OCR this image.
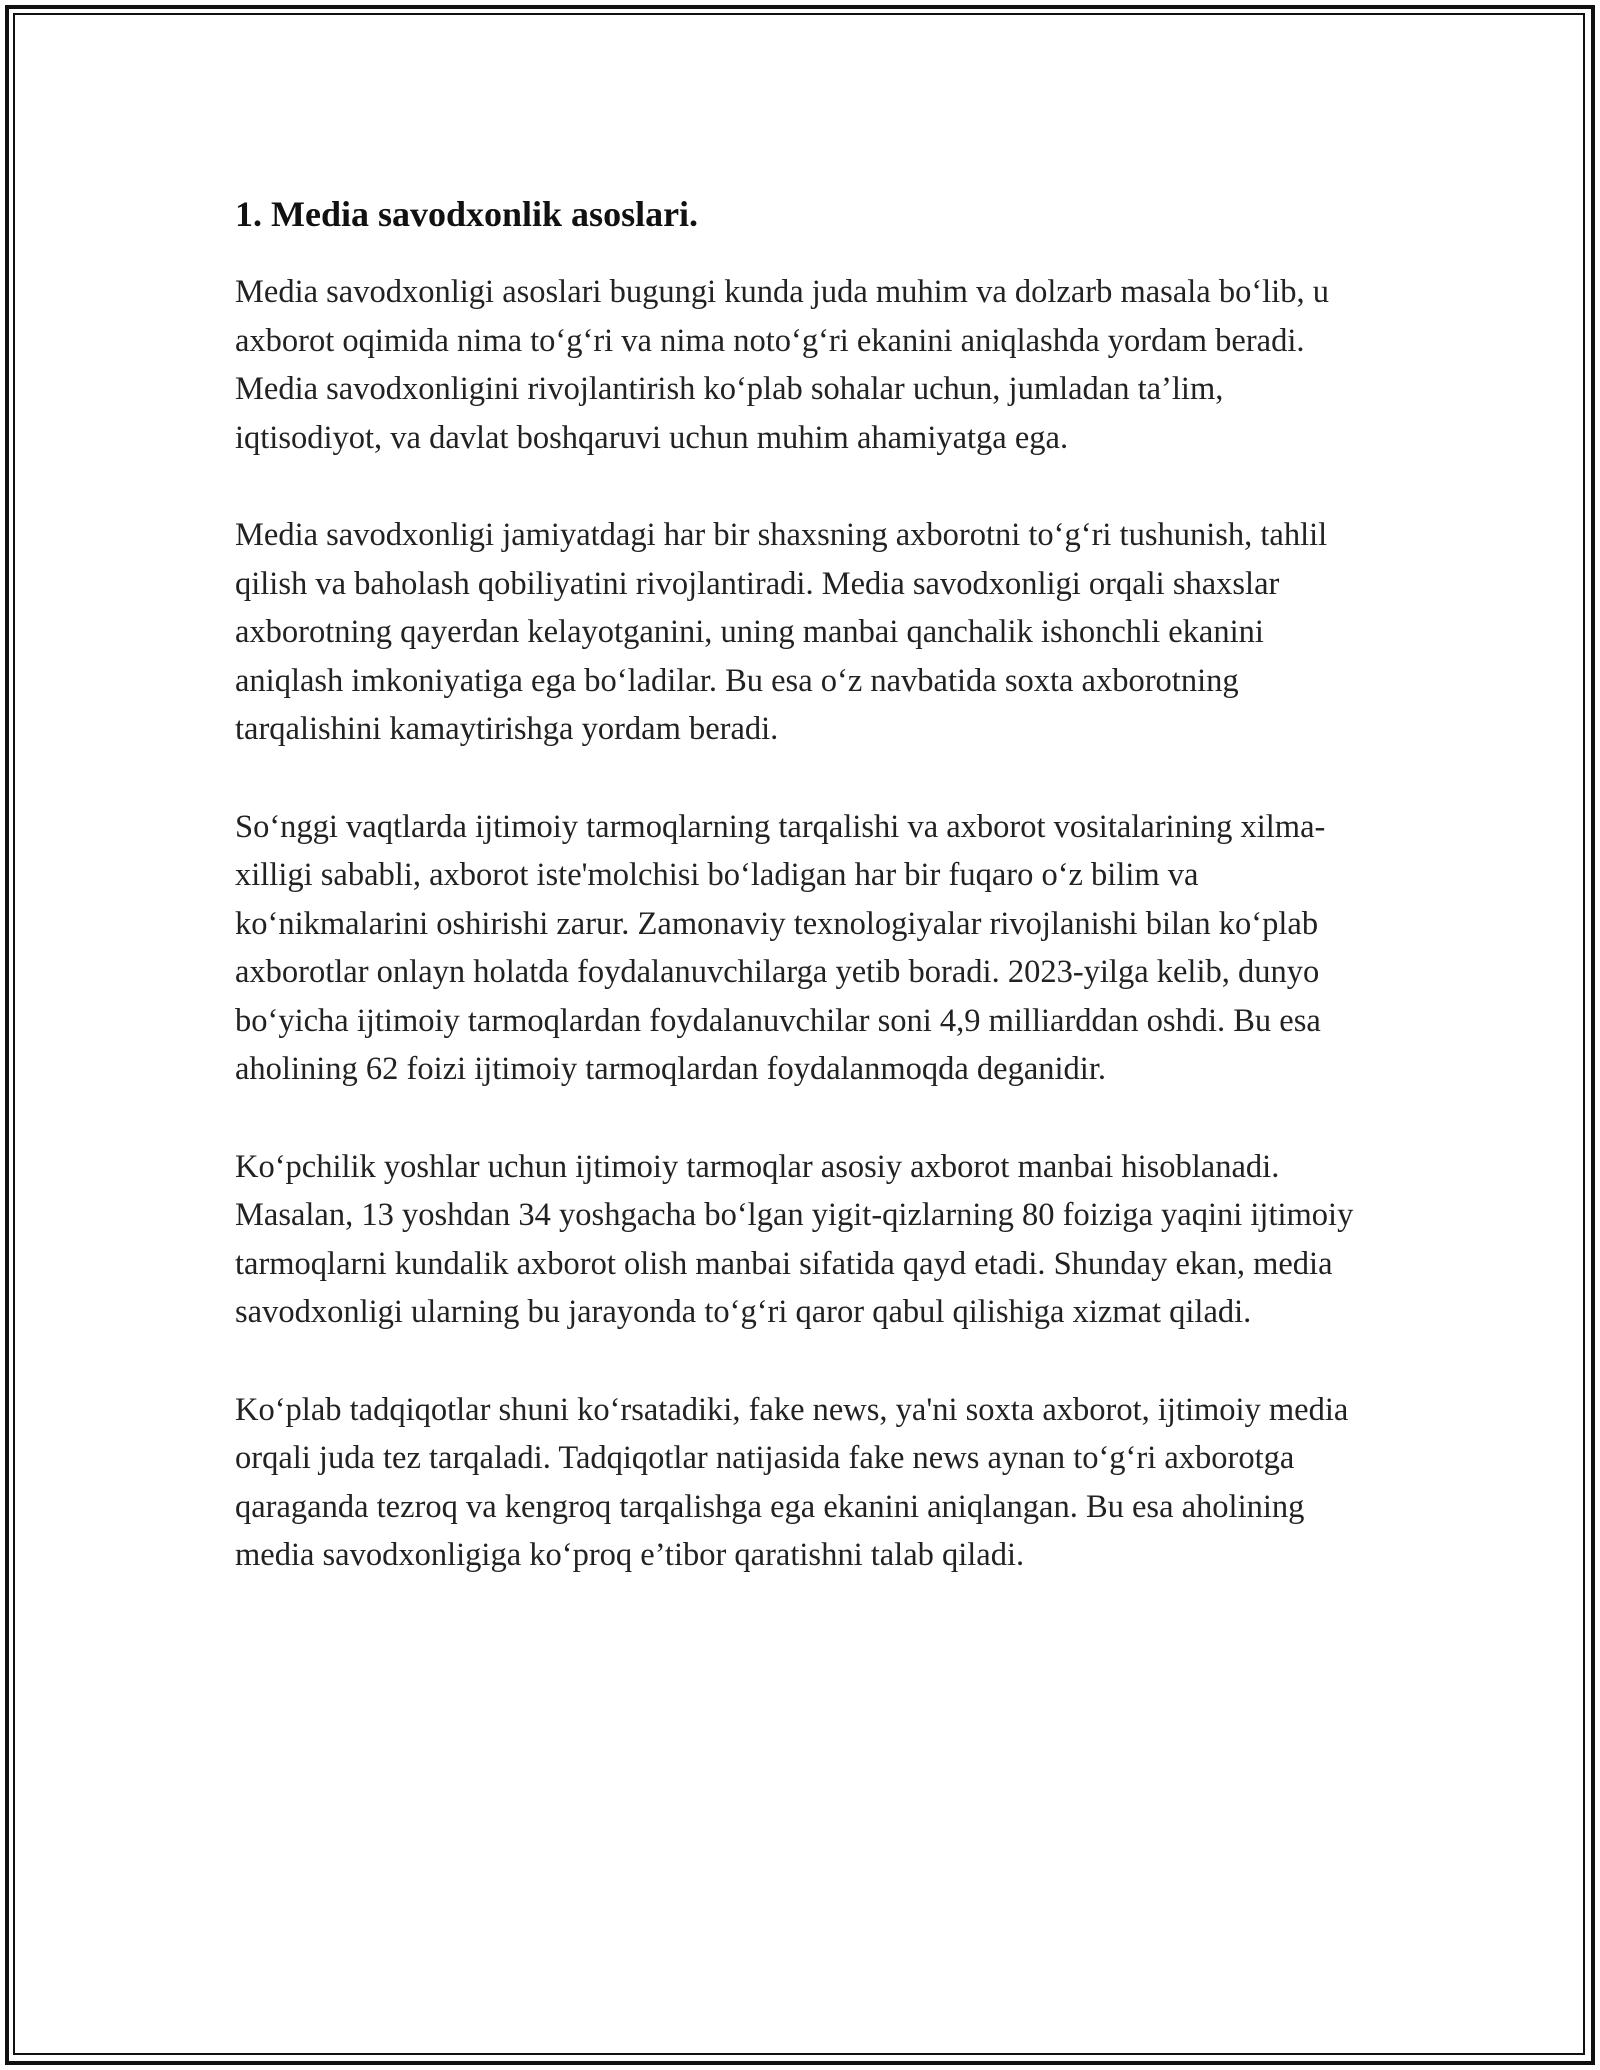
1. Media savodxonlik asoslari.

Media savodxonligi asoslari bugungi kunda juda muhim va dolzarb masala bo‘lib, u axborot oqimida nima to‘g‘ri va nima noto‘g‘ri ekanini aniqlashda yordam beradi. Media savodxonligini rivojlantirish ko‘plab sohalar uchun, jumladan ta’lim, iqtisodiyot, va davlat boshqaruvi uchun muhim ahamiyatga ega.

Media savodxonligi jamiyatdagi har bir shaxsning axborotni to‘g‘ri tushunish, tahlil qilish va baholash qobiliyatini rivojlantiradi. Media savodxonligi orqali shaxslar axborotning qayerdan kelayotganini, uning manbai qanchalik ishonchli ekanini aniqlash imkoniyatiga ega bo‘ladilar. Bu esa o‘z navbatida soxta axborotning tarqalishini kamaytirishga yordam beradi.

So‘nggi vaqtlarda ijtimoiy tarmoqlarning tarqalishi va axborot vositalarining xilma-xilligi sababli, axborot iste'molchisi bo‘ladigan har bir fuqaro o‘z bilim va ko‘nikmalarini oshirishi zarur. Zamonaviy texnologiyalar rivojlanishi bilan ko‘plab axborotlar onlayn holatda foydalanuvchilarga yetib boradi. 2023-yilga kelib, dunyo bo‘yicha ijtimoiy tarmoqlardan foydalanuvchilar soni 4,9 milliarddan oshdi. Bu esa aholining 62 foizi ijtimoiy tarmoqlardan foydalanmoqda deganidir.

Ko‘pchilik yoshlar uchun ijtimoiy tarmoqlar asosiy axborot manbai hisoblanadi. Masalan, 13 yoshdan 34 yoshgacha bo‘lgan yigit-qizlarning 80 foiziga yaqini ijtimoiy tarmoqlarni kundalik axborot olish manbai sifatida qayd etadi. Shunday ekan, media savodxonligi ularning bu jarayonda to‘g‘ri qaror qabul qilishiga xizmat qiladi.

Ko‘plab tadqiqotlar shuni ko‘rsatadiki, fake news, ya'ni soxta axborot, ijtimoiy media orqali juda tez tarqaladi. Tadqiqotlar natijasida fake news aynan to‘g‘ri axborotga qaraganda tezroq va kengroq tarqalishga ega ekanini aniqlangan. Bu esa aholining media savodxonligiga ko‘proq e’tibor qaratishni talab qiladi.
